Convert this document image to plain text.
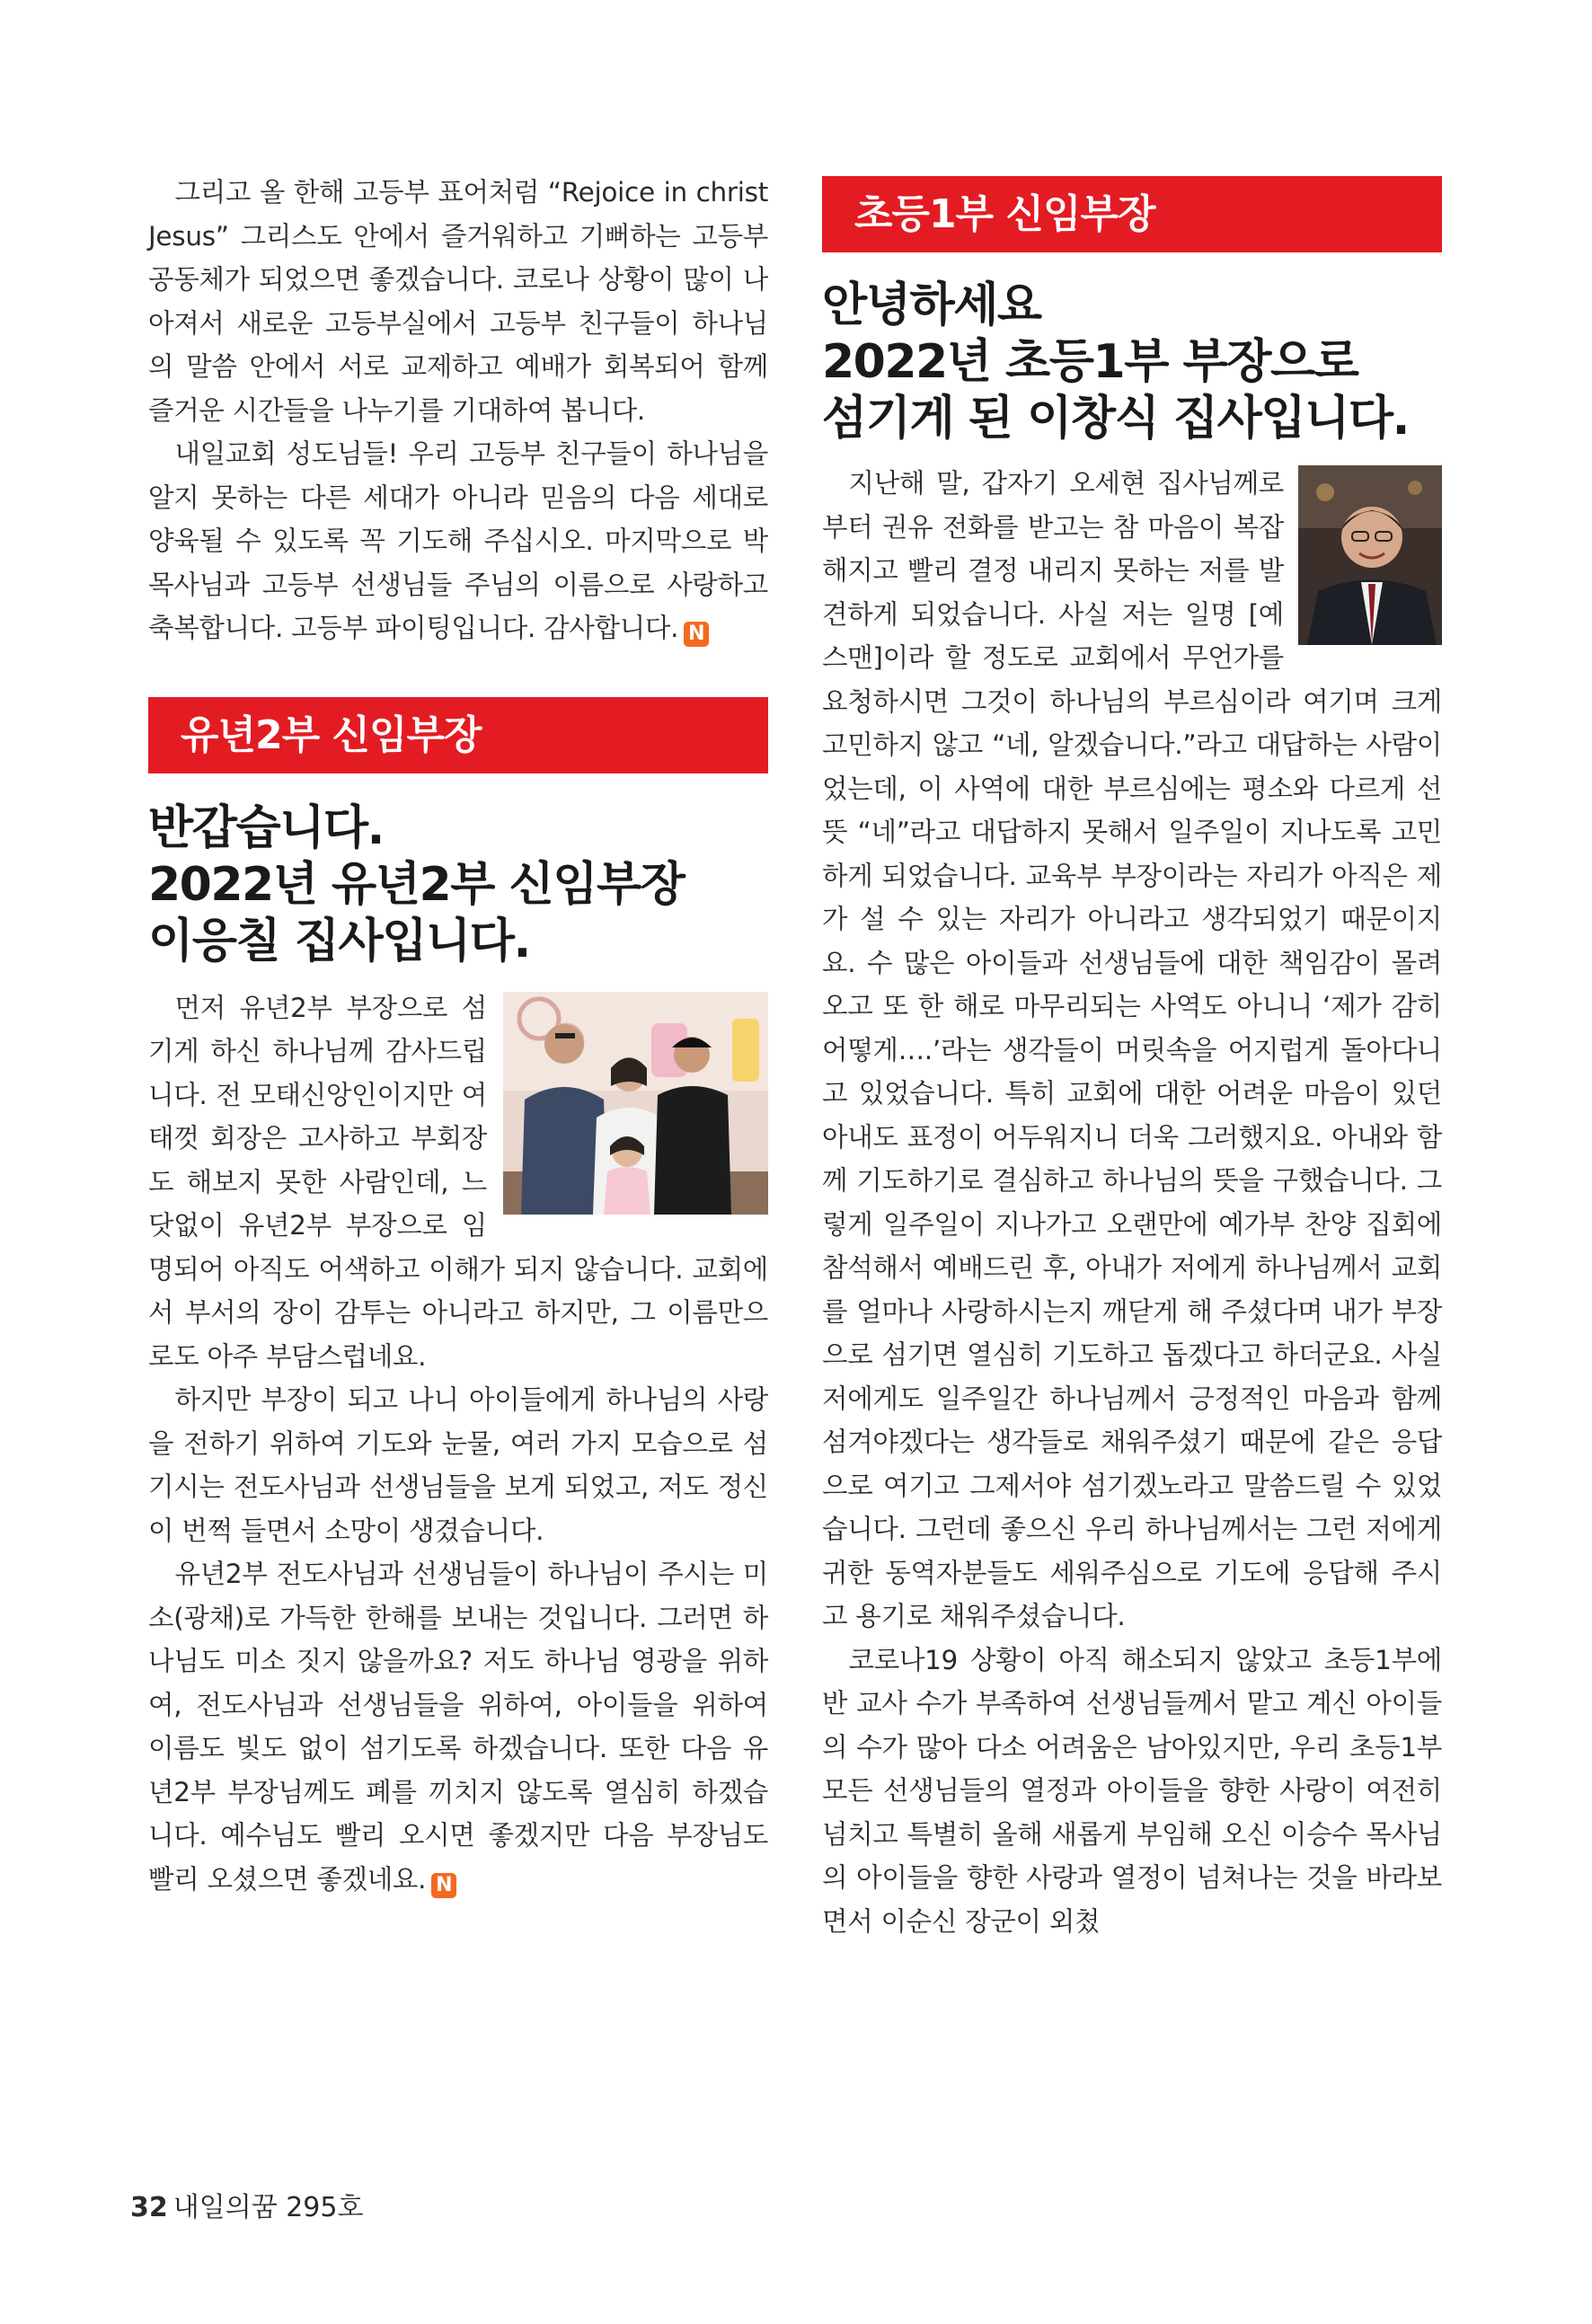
그리고 올 한해 고등부 표어처럼 “Rejoice in christ Jesus” 그리스도 안에서 즐거워하고 기뻐하는 고등부 공동체가 되었으면 좋겠습니다. 코로나 상황이 많이 나아져서 새로운 고등부실에서 고등부 친구들이 하나님의 말씀 안에서 서로 교제하고 예배가 회복되어 함께 즐거운 시간들을 나누기를 기대하여 봅니다.

내일교회 성도님들! 우리 고등부 친구들이 하나님을 알지 못하는 다른 세대가 아니라 믿음의 다음 세대로 양육될 수 있도록 꼭 기도해 주십시오. 마지막으로 박 목사님과 고등부 선생님들 주님의 이름으로 사랑하고 축복합니다. 고등부 파이팅입니다. 감사합니다. N

유년2부 신임부장
반갑습니다.
2022년 유년2부 신임부장
이응칠 집사입니다.

먼저 유년2부 부장으로 섬기게 하신 하나님께 감사드립니다. 전 모태신앙인이지만 여태껏 회장은 고사하고 부회장도 해보지 못한 사람인데, 느닷없이 유년2부 부장으로 임명되어 아직도 어색하고 이해가 되지 않습니다. 교회에서 부서의 장이 감투는 아니라고 하지만, 그 이름만으로도 아주 부담스럽네요.

하지만 부장이 되고 나니 아이들에게 하나님의 사랑을 전하기 위하여 기도와 눈물, 여러 가지 모습으로 섬기시는 전도사님과 선생님들을 보게 되었고, 저도 정신이 번쩍 들면서 소망이 생겼습니다.

유년2부 전도사님과 선생님들이 하나님이 주시는 미소(광채)로 가득한 한해를 보내는 것입니다. 그러면 하나님도 미소 짓지 않을까요? 저도 하나님 영광을 위하여, 전도사님과 선생님들을 위하여, 아이들을 위하여 이름도 빛도 없이 섬기도록 하겠습니다. 또한 다음 유년2부 부장님께도 폐를 끼치지 않도록 열심히 하겠습니다. 예수님도 빨리 오시면 좋겠지만 다음 부장님도 빨리 오셨으면 좋겠네요. N

초등1부 신임부장
안녕하세요
2022년 초등1부 부장으로
섬기게 된 이창식 집사입니다.

지난해 말, 갑자기 오세현 집사님께로부터 권유 전화를 받고는 참 마음이 복잡해지고 빨리 결정 내리지 못하는 저를 발견하게 되었습니다. 사실 저는 일명 [예스맨]이라 할 정도로 교회에서 무언가를 요청하시면 그것이 하나님의 부르심이라 여기며 크게 고민하지 않고 “네, 알겠습니다.”라고 대답하는 사람이었는데, 이 사역에 대한 부르심에는 평소와 다르게 선뜻 “네”라고 대답하지 못해서 일주일이 지나도록 고민하게 되었습니다. 교육부 부장이라는 자리가 아직은 제가 설 수 있는 자리가 아니라고 생각되었기 때문이지요. 수 많은 아이들과 선생님들에 대한 책임감이 몰려오고 또 한 해로 마무리되는 사역도 아니니 ‘제가 감히 어떻게….’라는 생각들이 머릿속을 어지럽게 돌아다니고 있었습니다. 특히 교회에 대한 어려운 마음이 있던 아내도 표정이 어두워지니 더욱 그러했지요. 아내와 함께 기도하기로 결심하고 하나님의 뜻을 구했습니다. 그렇게 일주일이 지나가고 오랜만에 예가부 찬양 집회에 참석해서 예배드린 후, 아내가 저에게 하나님께서 교회를 얼마나 사랑하시는지 깨닫게 해 주셨다며 내가 부장으로 섬기면 열심히 기도하고 돕겠다고 하더군요. 사실 저에게도 일주일간 하나님께서 긍정적인 마음과 함께 섬겨야겠다는 생각들로 채워주셨기 때문에 같은 응답으로 여기고 그제서야 섬기겠노라고 말씀드릴 수 있었습니다. 그런데 좋으신 우리 하나님께서는 그런 저에게 귀한 동역자분들도 세워주심으로 기도에 응답해 주시고 용기로 채워주셨습니다.

코로나19 상황이 아직 해소되지 않았고 초등1부에 반 교사 수가 부족하여 선생님들께서 맡고 계신 아이들의 수가 많아 다소 어려움은 남아있지만, 우리 초등1부 모든 선생님들의 열정과 아이들을 향한 사랑이 여전히 넘치고 특별히 올해 새롭게 부임해 오신 이승수 목사님의 아이들을 향한 사랑과 열정이 넘쳐나는 것을 바라보면서 이순신 장군이 외쳤

32 내일의꿈 295호
